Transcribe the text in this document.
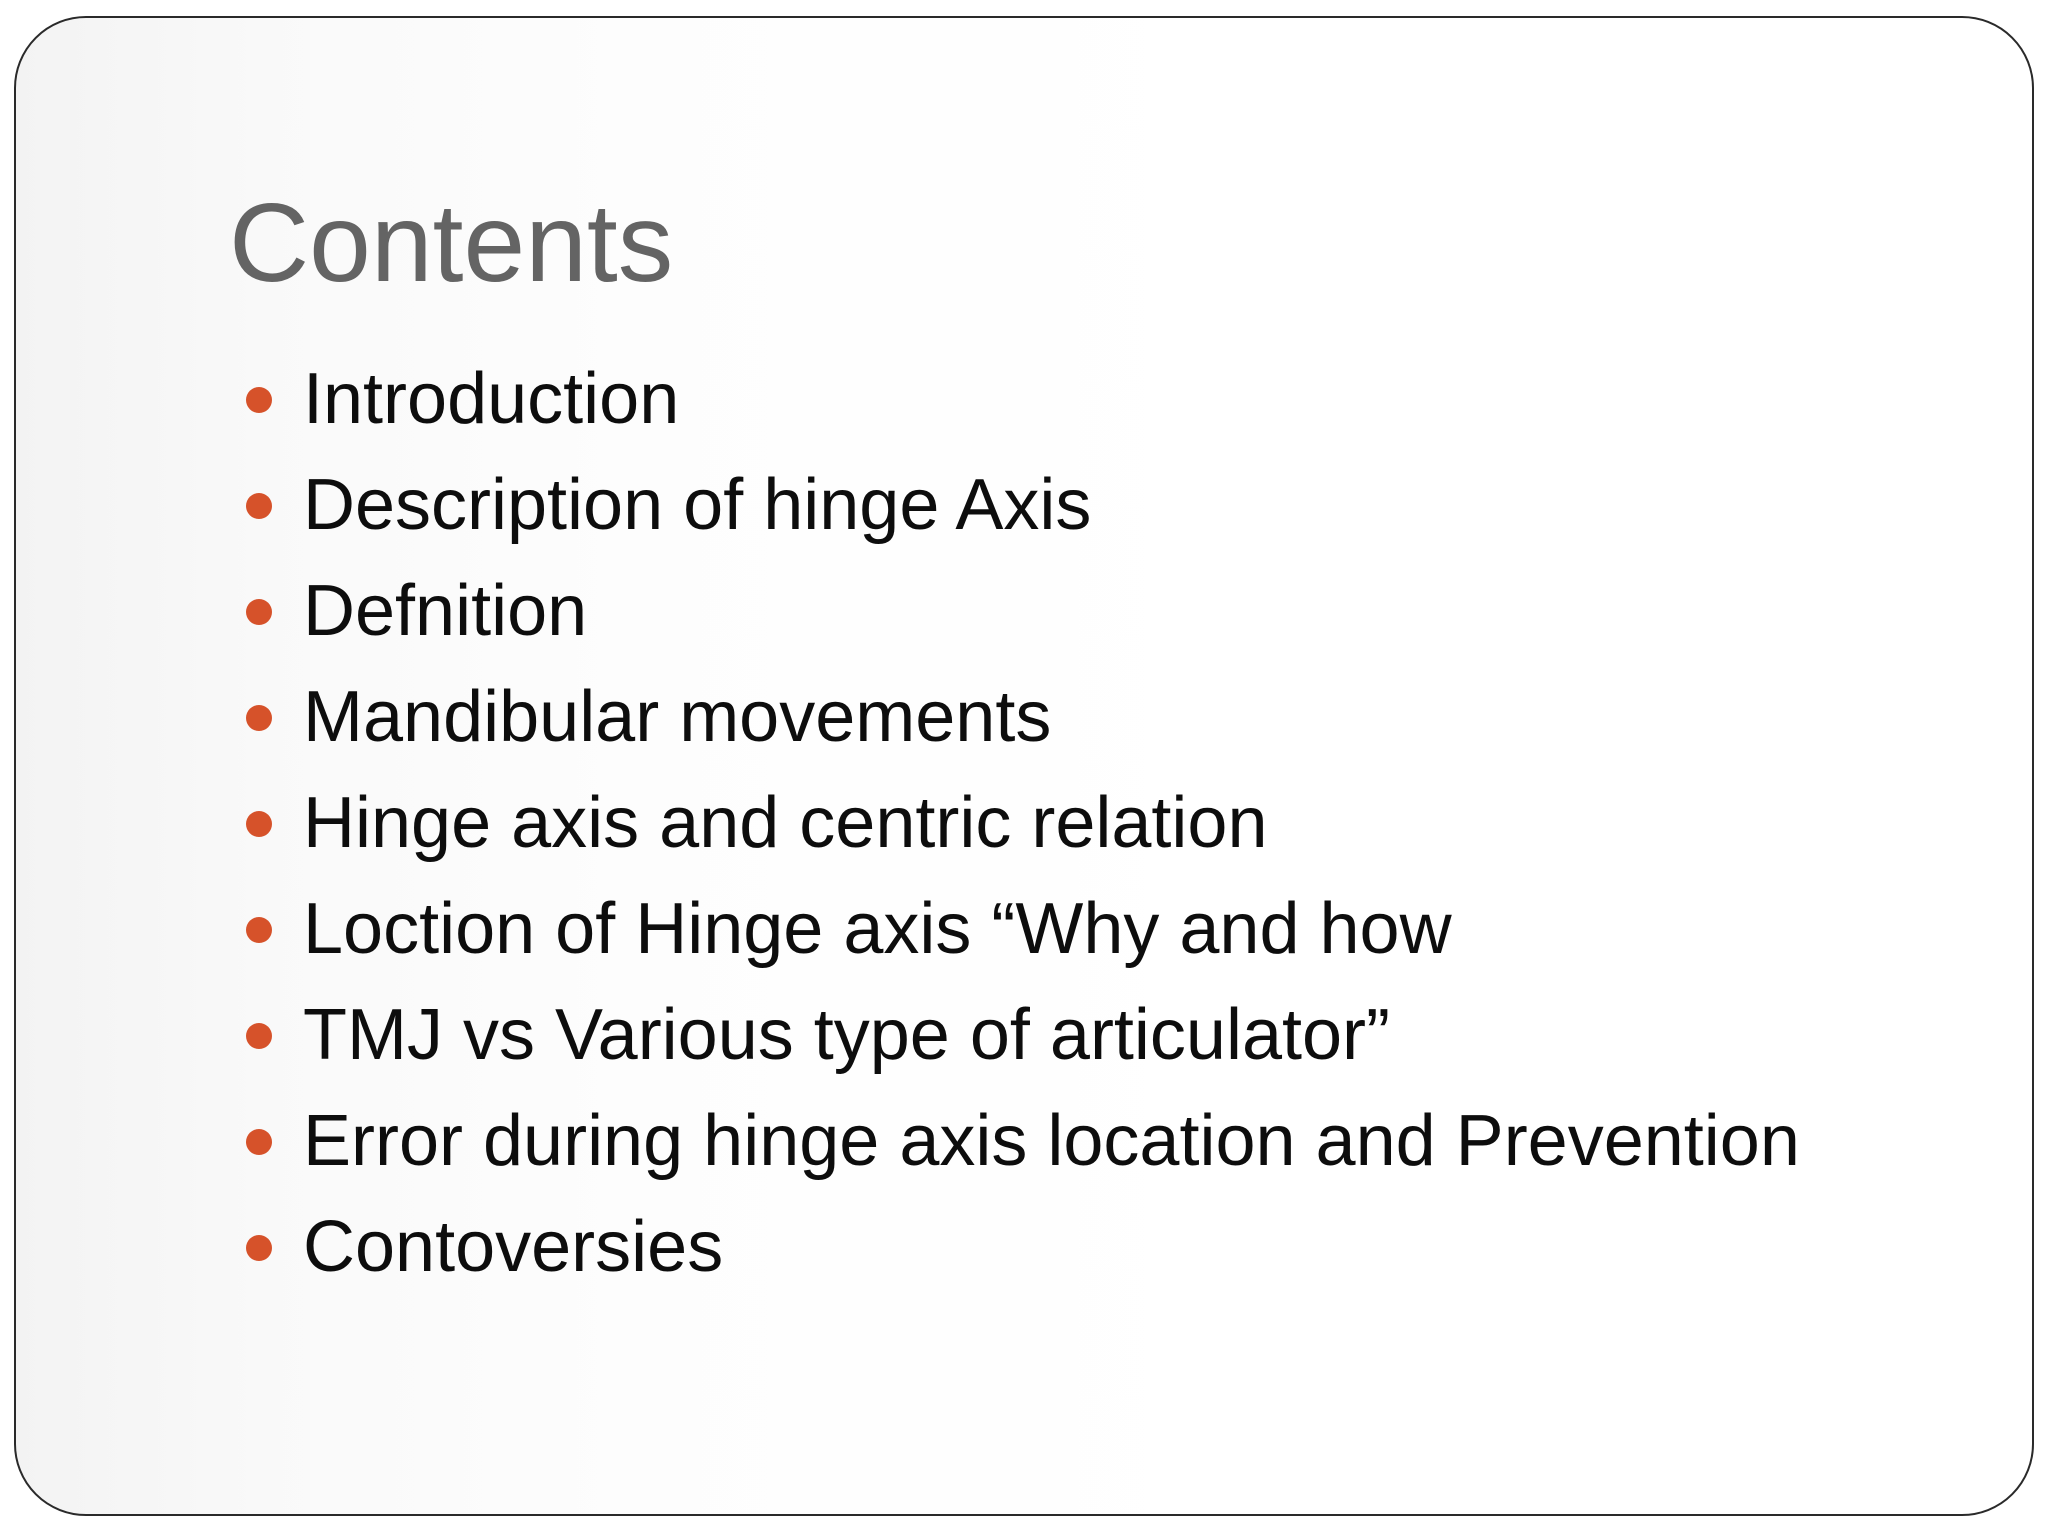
Contents
Introduction
Description of hinge Axis
Defnition
Mandibular movements
Hinge axis and centric relation
Loction of Hinge axis “Why and how
TMJ vs Various type of articulator”
Error during hinge axis location and Prevention
Contoversies
